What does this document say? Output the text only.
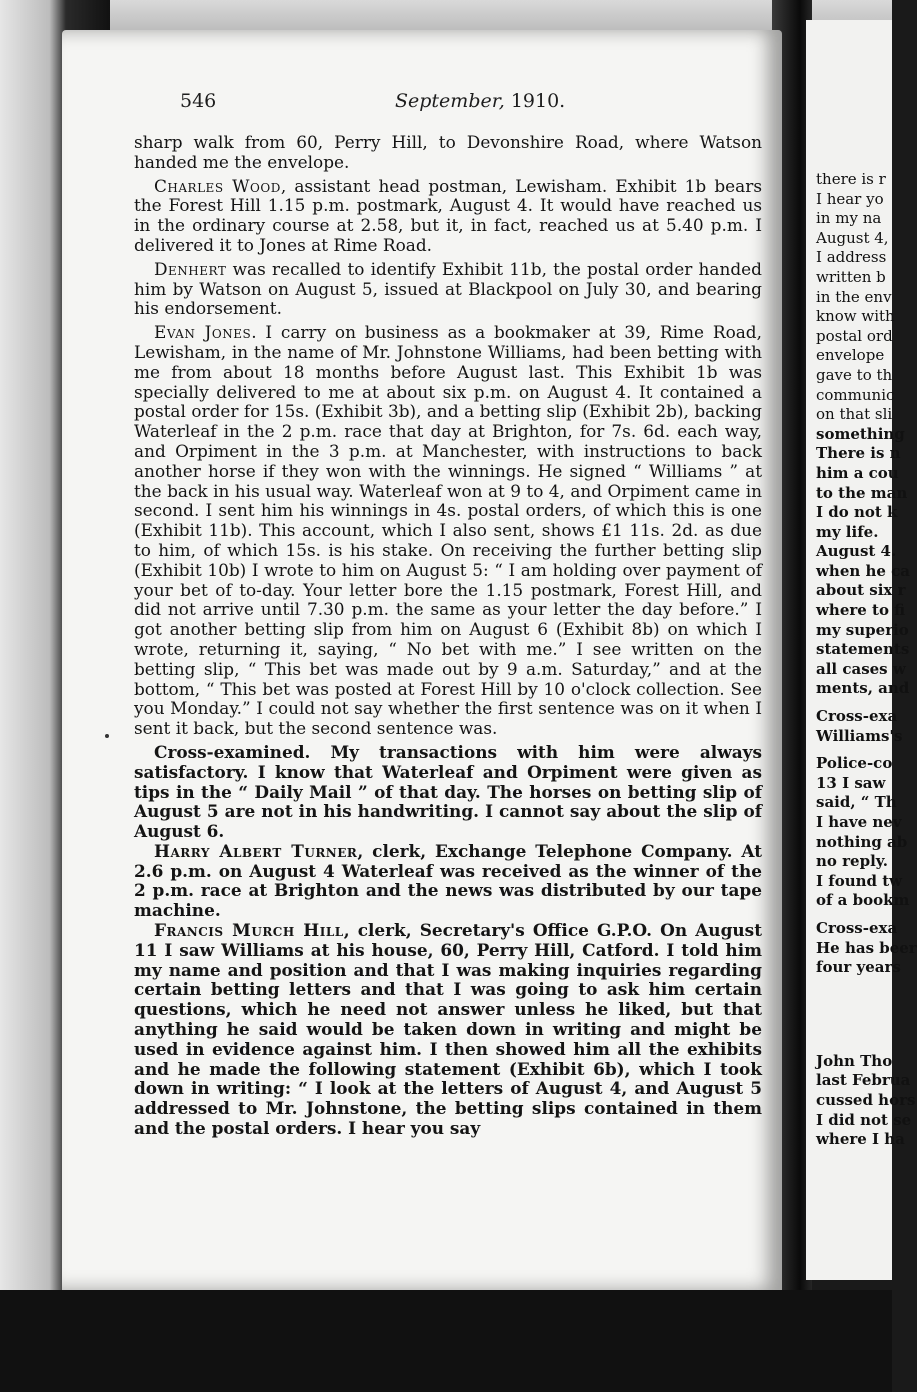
there is r
I hear yo
in my na
August 4,
I address
written b
in the env
know with
postal ord
envelope
gave to th
communic
on that sli
something
There is n
him a cou
to the man
I do not k
my life.
August 4.
when he ca
about six r
where to fi
my superio
statements
all cases w
ments, and
Cross-exa
Williams's
Police-co
13 I saw
said, “ Th
I have nev
nothing ab
no reply.
I found tw
of a bookm
Cross-exa
He has beer
four years
John Tho
last Februa
cussed hors
I did not se
where I ha
546	September, 1910.

sharp walk from 60, Perry Hill, to Devonshire Road, where Watson handed me the envelope.

Charles Wood, assistant head postman, Lewisham. Exhibit 1b bears the Forest Hill 1.15 p.m. postmark, August 4. It would have reached us in the ordinary course at 2.58, but it, in fact, reached us at 5.40 p.m. I delivered it to Jones at Rime Road.

Denhert was recalled to identify Exhibit 11b, the postal order handed him by Watson on August 5, issued at Blackpool on July 30, and bearing his endorsement.

Evan Jones. I carry on business as a bookmaker at 39, Rime Road, Lewisham, in the name of Mr. Johnstone Williams, had been betting with me from about 18 months before August last. This Exhibit 1b was specially delivered to me at about six p.m. on August 4. It contained a postal order for 15s. (Exhibit 3b), and a betting slip (Exhibit 2b), backing Waterleaf in the 2 p.m. race that day at Brighton, for 7s. 6d. each way, and Orpiment in the 3 p.m. at Manchester, with instructions to back another horse if they won with the winnings. He signed “ Williams ” at the back in his usual way. Waterleaf won at 9 to 4, and Orpiment came in second. I sent him his winnings in 4s. postal orders, of which this is one (Exhibit 11b). This account, which I also sent, shows £1 11s. 2d. as due to him, of which 15s. is his stake. On receiving the further betting slip (Exhibit 10b) I wrote to him on August 5: “ I am holding over payment of your bet of to-day. Your letter bore the 1.15 postmark, Forest Hill, and did not arrive until 7.30 p.m. the same as your letter the day before.” I got another betting slip from him on August 6 (Exhibit 8b) on which I wrote, returning it, saying, “ No bet with me.” I see written on the betting slip, “ This bet was made out by 9 a.m. Saturday,” and at the bottom, “ This bet was posted at Forest Hill by 10 o'clock collection. See you Monday.” I could not say whether the first sentence was on it when I sent it back, but the second sentence was.

Cross-examined. My transactions with him were always satisfactory. I know that Waterleaf and Orpiment were given as tips in the “ Daily Mail ” of that day. The horses on betting slip of August 5 are not in his handwriting. I cannot say about the slip of August 6.

Harry Albert Turner, clerk, Exchange Telephone Company. At 2.6 p.m. on August 4 Waterleaf was received as the winner of the 2 p.m. race at Brighton and the news was distributed by our tape machine.

Francis Murch Hill, clerk, Secretary's Office G.P.O. On August 11 I saw Williams at his house, 60, Perry Hill, Catford. I told him my name and position and that I was making inquiries regarding certain betting letters and that I was going to ask him certain questions, which he need not answer unless he liked, but that anything he said would be taken down in writing and might be used in evidence against him. I then showed him all the exhibits and he made the following statement (Exhibit 6b), which I took down in writing: “ I look at the letters of August 4, and August 5 addressed to Mr. Johnstone, the betting slips contained in them and the postal orders. I hear you say
